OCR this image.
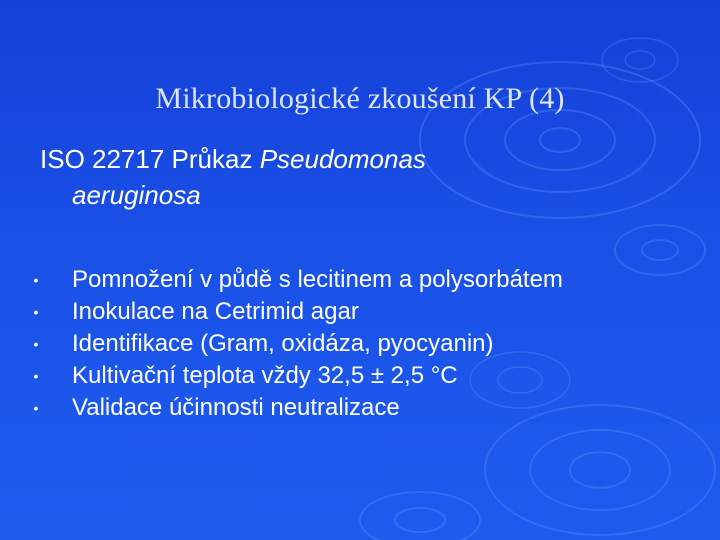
Mikrobiologické zkoušení KP (4)
ISO 22717 Průkaz Pseudomonas
aeruginosa
• Pomnožení v půdě s lecitinem a polysorbátem
• Inokulace na Cetrimid agar
• Identifikace (Gram, oxidáza, pyocyanin)
• Kultivační teplota vždy 32,5 ± 2,5 °C
• Validace účinnosti neutralizace
